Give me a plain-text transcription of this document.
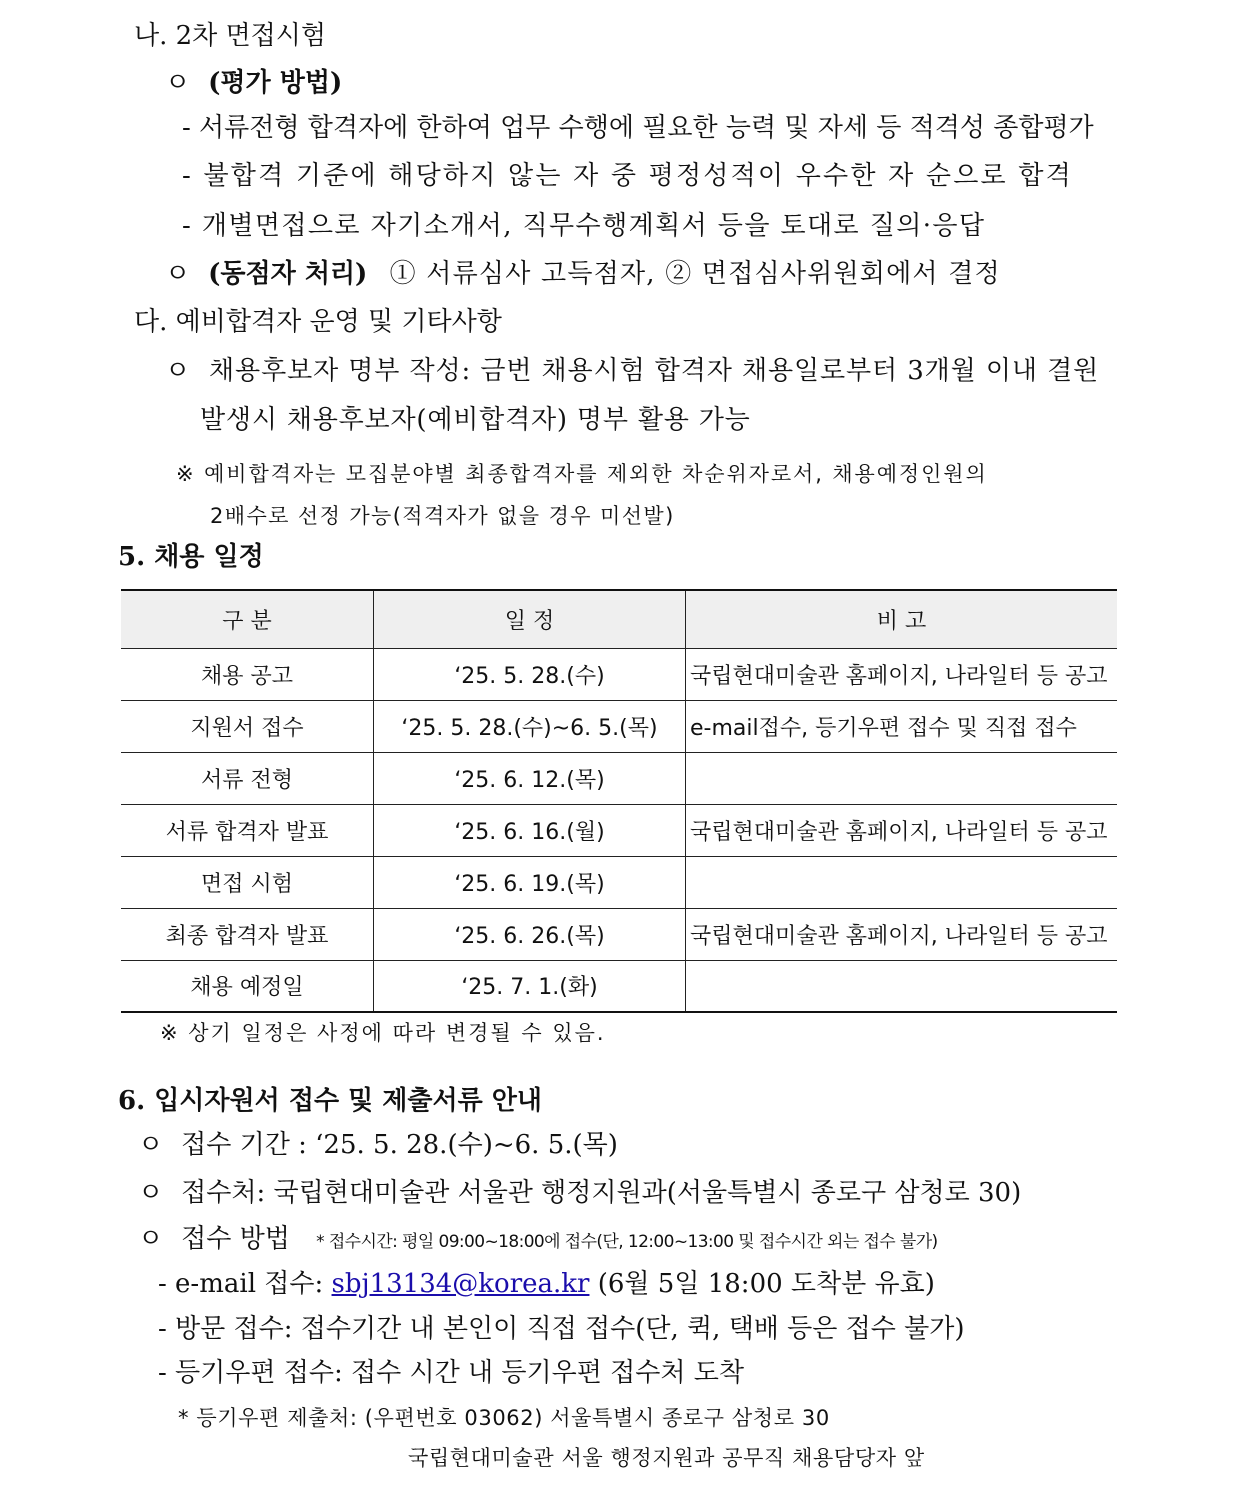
나. 2차 면접시험
ㅇ (평가 방법)
- 서류전형 합격자에 한하여 업무 수행에 필요한 능력 및 자세 등 적격성 종합평가
- 불합격 기준에 해당하지 않는 자 중 평정성적이 우수한 자 순으로 합격
- 개별면접으로 자기소개서, 직무수행계획서 등을 토대로 질의·응답
ㅇ (동점자 처리) ① 서류심사 고득점자, ② 면접심사위원회에서 결정
다. 예비합격자 운영 및 기타사항
ㅇ 채용후보자 명부 작성: 금번 채용시험 합격자 채용일로부터 3개월 이내 결원
발생시 채용후보자(예비합격자) 명부 활용 가능
※ 예비합격자는 모집분야별 최종합격자를 제외한 차순위자로서, 채용예정인원의
2배수로 선정 가능(적격자가 없을 경우 미선발)
5. 채용 일정
구 분	일 정	비 고
채용 공고	‘25. 5. 28.(수)	국립현대미술관 홈페이지, 나라일터 등 공고
지원서 접수	‘25. 5. 28.(수)~6. 5.(목)	e-mail접수, 등기우편 접수 및 직접 접수
서류 전형	‘25. 6. 12.(목)	
서류 합격자 발표	‘25. 6. 16.(월)	국립현대미술관 홈페이지, 나라일터 등 공고
면접 시험	‘25. 6. 19.(목)	
최종 합격자 발표	‘25. 6. 26.(목)	국립현대미술관 홈페이지, 나라일터 등 공고
채용 예정일	‘25. 7. 1.(화)	
※ 상기 일정은 사정에 따라 변경될 수 있음.
6. 입시자원서 접수 및 제출서류 안내
ㅇ 접수 기간 : ‘25. 5. 28.(수)~6. 5.(목)
ㅇ 접수처: 국립현대미술관 서울관 행정지원과(서울특별시 종로구 삼청로 30)
ㅇ 접수 방법 * 접수시간: 평일 09:00~18:00에 접수(단, 12:00~13:00 및 접수시간 외는 접수 불가)
- e-mail 접수: sbj13134@korea.kr (6월 5일 18:00 도착분 유효)
- 방문 접수: 접수기간 내 본인이 직접 접수(단, 퀵, 택배 등은 접수 불가)
- 등기우편 접수: 접수 시간 내 등기우편 접수처 도착
* 등기우편 제출처: (우편번호 03062) 서울특별시 종로구 삼청로 30
국립현대미술관 서울 행정지원과 공무직 채용담당자 앞
